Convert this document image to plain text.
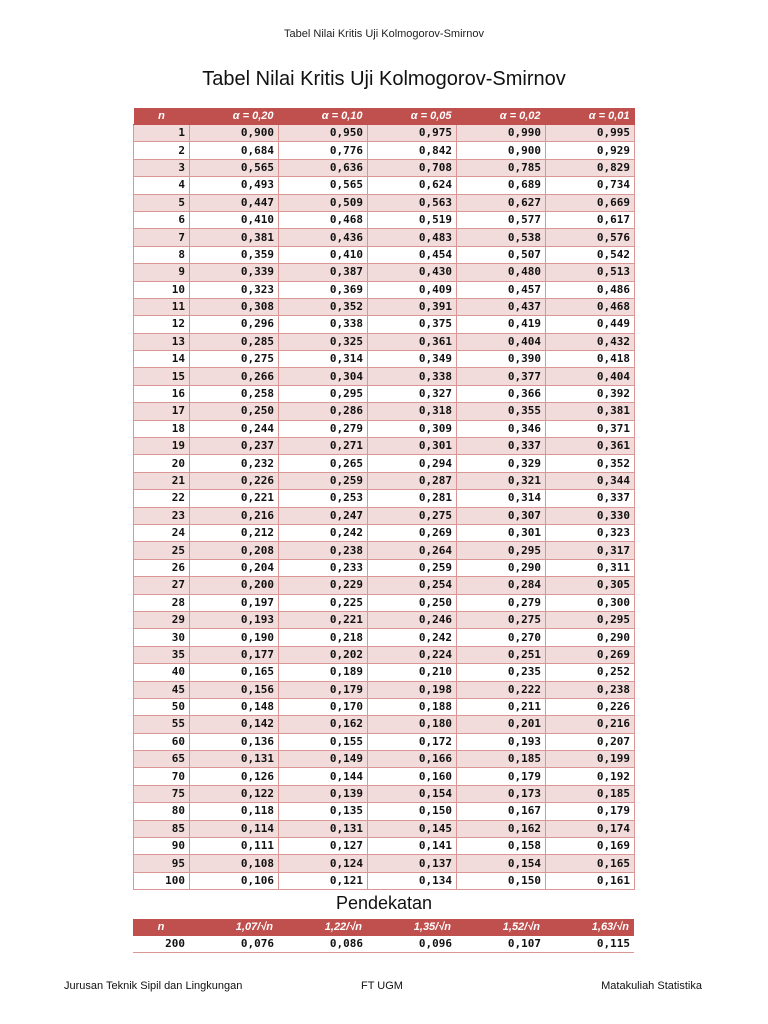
Tabel Nilai Kritis Uji Kolmogorov-Smirnov
Tabel Nilai Kritis Uji Kolmogorov-Smirnov
n	α = 0,20	α = 0,10	α = 0,05	α = 0,02	α = 0,01
1	0,900	0,950	0,975	0,990	0,995
2	0,684	0,776	0,842	0,900	0,929
3	0,565	0,636	0,708	0,785	0,829
4	0,493	0,565	0,624	0,689	0,734
5	0,447	0,509	0,563	0,627	0,669
6	0,410	0,468	0,519	0,577	0,617
7	0,381	0,436	0,483	0,538	0,576
8	0,359	0,410	0,454	0,507	0,542
9	0,339	0,387	0,430	0,480	0,513
10	0,323	0,369	0,409	0,457	0,486
11	0,308	0,352	0,391	0,437	0,468
12	0,296	0,338	0,375	0,419	0,449
13	0,285	0,325	0,361	0,404	0,432
14	0,275	0,314	0,349	0,390	0,418
15	0,266	0,304	0,338	0,377	0,404
16	0,258	0,295	0,327	0,366	0,392
17	0,250	0,286	0,318	0,355	0,381
18	0,244	0,279	0,309	0,346	0,371
19	0,237	0,271	0,301	0,337	0,361
20	0,232	0,265	0,294	0,329	0,352
21	0,226	0,259	0,287	0,321	0,344
22	0,221	0,253	0,281	0,314	0,337
23	0,216	0,247	0,275	0,307	0,330
24	0,212	0,242	0,269	0,301	0,323
25	0,208	0,238	0,264	0,295	0,317
26	0,204	0,233	0,259	0,290	0,311
27	0,200	0,229	0,254	0,284	0,305
28	0,197	0,225	0,250	0,279	0,300
29	0,193	0,221	0,246	0,275	0,295
30	0,190	0,218	0,242	0,270	0,290
35	0,177	0,202	0,224	0,251	0,269
40	0,165	0,189	0,210	0,235	0,252
45	0,156	0,179	0,198	0,222	0,238
50	0,148	0,170	0,188	0,211	0,226
55	0,142	0,162	0,180	0,201	0,216
60	0,136	0,155	0,172	0,193	0,207
65	0,131	0,149	0,166	0,185	0,199
70	0,126	0,144	0,160	0,179	0,192
75	0,122	0,139	0,154	0,173	0,185
80	0,118	0,135	0,150	0,167	0,179
85	0,114	0,131	0,145	0,162	0,174
90	0,111	0,127	0,141	0,158	0,169
95	0,108	0,124	0,137	0,154	0,165
100	0,106	0,121	0,134	0,150	0,161
Pendekatan
n	1,07/√n	1,22/√n	1,35/√n	1,52/√n	1,63/√n
200	0,076	0,086	0,096	0,107	0,115
Jurusan Teknik Sipil dan Lingkungan	FT UGM	Matakuliah Statistika
